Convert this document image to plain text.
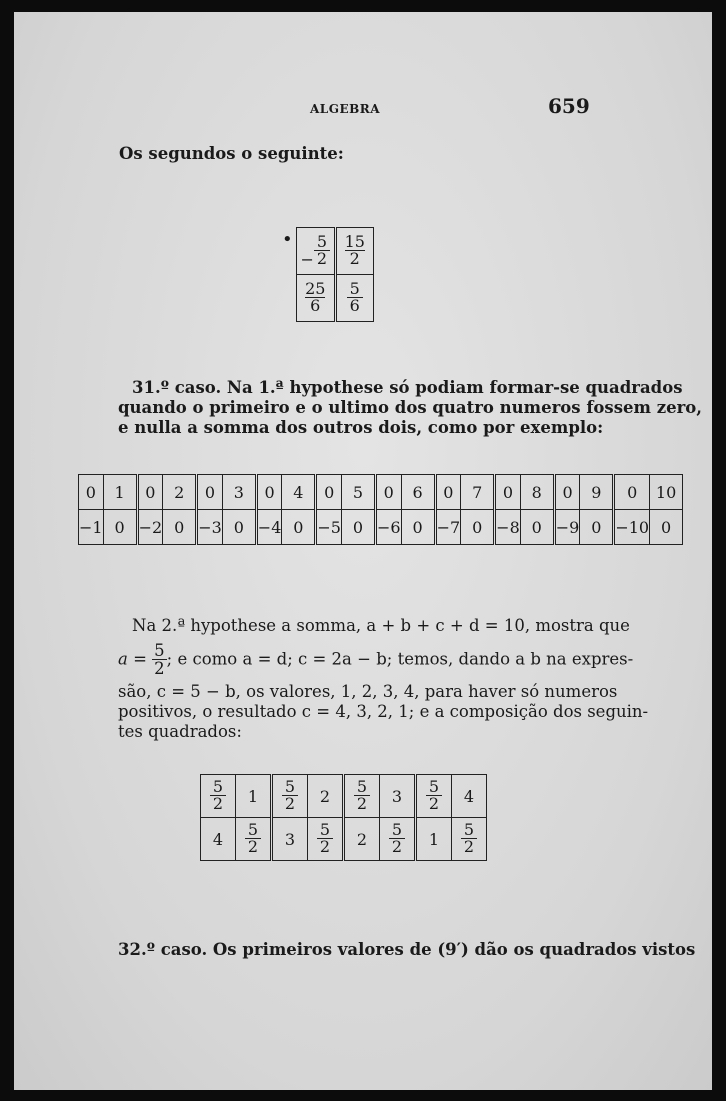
ALGEBRA	659
Os segundos o seguinte:
•
− $\frac{5}{2}$	$\frac{15}{2}$

$\frac{25}{6}$	$\frac{5}{6}$

31.º caso. Na 1.ª hypothese só podiam formar-se quadrados

quando o primeiro e o ultimo dos quatro numeros fossem zero,

e nulla a somma dos outros dois, como por exemplo:

0	1	0	2	0	3	0	4	0	5	0	6	0	7	0	8	0	9	0	10
−1	0	−2	0	−3	0	−4	0	−5	0	−6	0	−7	0	−8	0	−9	0	−10	0

Na 2.ª hypothese a somma, a + b + c + d = 10, mostra que

$a = \frac{5}{2}$ ; e como a = d; c = 2a − b; temos, dando a b na expres-

são, c = 5 − b, os valores, 1, 2, 3, 4, para haver só numeros

positivos, o resultado c = 4, 3, 2, 1; e a composição dos seguin-

tes quadrados:

$\frac{5}{2}$	1	$\frac{5}{2}$	2	$\frac{5}{2}$	3	$\frac{5}{2}$	4
4	$\frac{5}{2}$	3	$\frac{5}{2}$	2	$\frac{5}{2}$	1	$\frac{5}{2}$
32.º caso. Os primeiros valores de (9′) dão os quadrados vistos
